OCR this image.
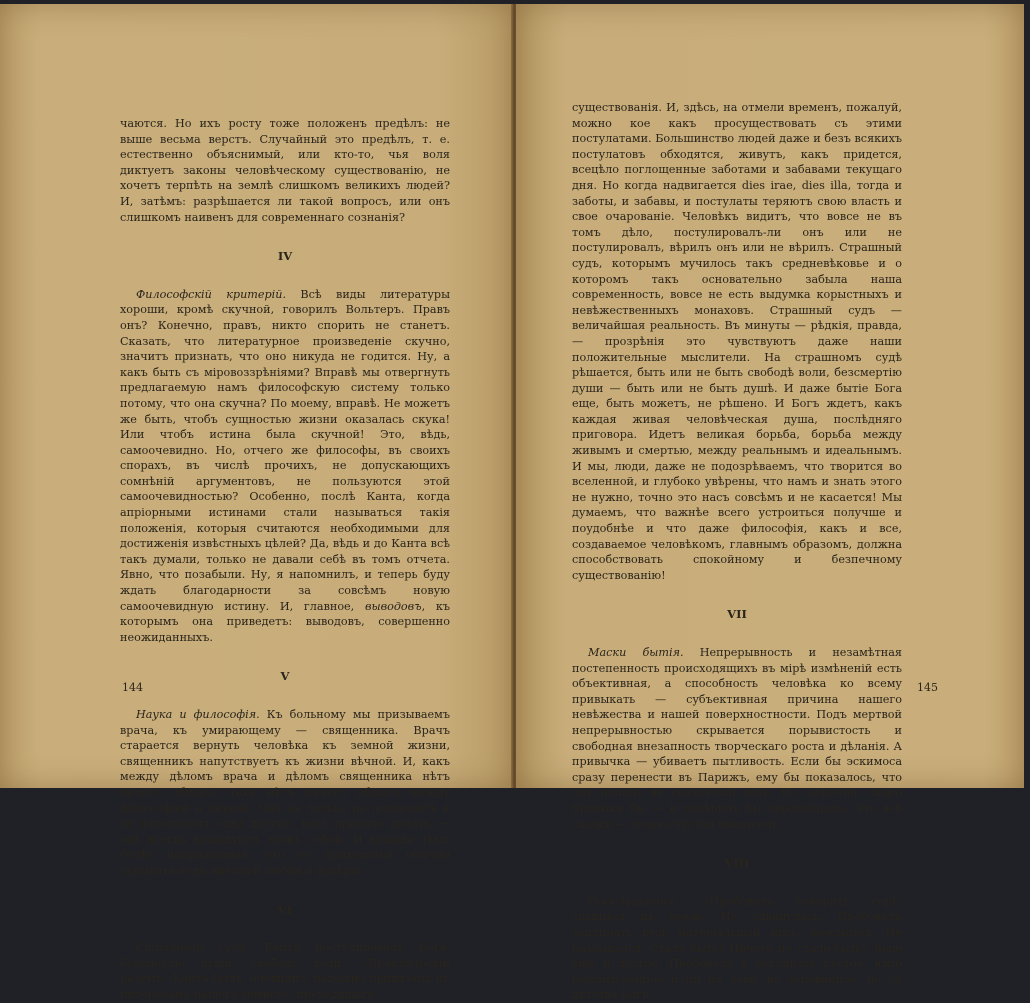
чаются. Но ихъ росту тоже положенъ предѣлъ: не выше весьма верстъ. Случайный это предѣлъ, т. е. естественно объяснимый, или кто-то, чья воля диктуетъ законы человѣческому существованію, не хочетъ терпѣть на землѣ слишкомъ великихъ людей? И, затѣмъ: разрѣшается ли такой вопросъ, или онъ слишкомъ наивенъ для современнаго сознанія?

IV

Философскій критерій. Всѣ виды литературы хороши, кромѣ скучной, говорилъ Вольтеръ. Правъ онъ? Конечно, правъ, никто спорить не станетъ. Сказать, что литературное произведеніе скучно, значитъ признать, что оно никуда не годится. Ну, а какъ быть съ міровоззрѣніями? Вправѣ мы отвергнуть предлагаемую намъ философскую систему только потому, что она скучна? По моему, вправѣ. Не можетъ же быть, чтобъ сущностью жизни оказалась скука! Или чтобъ истина была скучной! Это, вѣдь, самоочевидно. Но, отчего же философы, въ своихъ спорахъ, въ числѣ прочихъ, не допускающихъ сомнѣній аргументовъ, не пользуются этой самоочевидностью? Особенно, послѣ Канта, когда апріорными истинами стали называться такія положенія, которыя считаются необходимыми для достиженія извѣстныхъ цѣлей? Да, вѣдь и до Канта всѣ такъ думали, только не давали себѣ въ томъ отчета. Явно, что позабыли. Ну, я напомнилъ, и теперь буду ждать благодарности за совсѣмъ новую самоочевидную истину. И, главное, выводовъ, къ которымъ она приведетъ: выводовъ, совершенно неожиданныхъ.

V

Наука и философія. Къ больному мы призываемъ врача, къ умирающему — священника. Врачъ старается вернуть человѣка къ земной жизни, священникъ напутствуетъ къ жизни вѣчной. И, какъ между дѣломъ врача и дѣломъ священника нѣтъ ничего общаго, такъ нѣтъ ничего общаго между философіей и наукой. Онѣ не только не помогаютъ и не дополняютъ одна другую, какъ принято думать, — онѣ всегда враждуютъ межъ собой. И вражда тѣмъ болѣе напряженная, что ее приходится обычно скрывать подъ личиной любви и довѣрія.

VI

Страшный судъ. Кантъ постулировалъ Бога, безсмертіе души, свободу воли. «Практическій разумъ» Канта былъ, очевидно, надежно привязанъ къ интересамъ нашего земного, преходящаго

144

существованія. И, здѣсь, на отмели временъ, пожалуй, можно кое какъ просуществовать съ этими постулатами. Большинство людей даже и безъ всякихъ постулатовъ обходятся, живутъ, какъ придется, всецѣло поглощенные заботами и забавами текущаго дня. Но когда надвигается dies irae, dies illa, тогда и заботы, и забавы, и постулаты теряютъ свою власть и свое очарованіе. Человѣкъ видитъ, что вовсе не въ томъ дѣло, постулировалъ-ли онъ или не постулировалъ, вѣрилъ онъ или не вѣрилъ. Страшный судъ, которымъ мучилось такъ средневѣковье и о которомъ такъ основательно забыла наша современность, вовсе не есть выдумка корыстныхъ и невѣжественныхъ монаховъ. Страшный судъ — величайшая реальность. Въ минуты — рѣдкія, правда, — прозрѣнія это чувствуютъ даже наши положительные мыслители. На страшномъ судѣ рѣшается, быть или не быть свободѣ воли, безсмертію души — быть или не быть душѣ. И даже бытіе Бога еще, быть можетъ, не рѣшено. И Богъ ждетъ, какъ каждая живая человѣческая душа, послѣдняго приговора. Идетъ великая борьба, борьба между живымъ и смертью, между реальнымъ и идеальнымъ. И мы, люди, даже не подозрѣваемъ, что творится во вселенной, и глубоко увѣрены, что намъ и знать этого не нужно, точно это насъ совсѣмъ и не касается! Мы думаемъ, что важнѣе всего устроиться получше и поудобнѣе и что даже философія, какъ и все, создаваемое человѣкомъ, главнымъ образомъ, должна способствовать спокойному и безпечному существованію!

VII

Маски бытія. Непрерывность и незамѣтная постепенность происходящихъ въ мірѣ измѣненій есть объективная, а способность человѣка ко всему привыкать — субъективная причина нашего невѣжества и нашей поверхностности. Подъ мертвой непрерывностью скрывается порывистость и свободная внезапность творческаго роста и дѣланія. А привычка — убиваетъ пытливость. Если бы эскимоса сразу перенести въ Парижъ, ему бы показалось, что онъ попалъ въ сказочный міръ. Но, конечно, скоро привыкъ бы — и повѣрилъ бы европейцамъ, что всѣ сказки — только пустой вымыселъ.

VIII

Подслушанное. «Пробовалъ говорить горѣ: сдвинься къ морю. Не сдвинулась. Пробовалъ заклинать весь матеріальный міръ: разсыпься. Не разсыпался. Стало быть? Ничего не стало-быть! Знаю еще и другое. Пробовалъ я заклинать пустое, явно безсмысленное и ни на чемъ не основанное, но съ дѣтства Богъ

145
